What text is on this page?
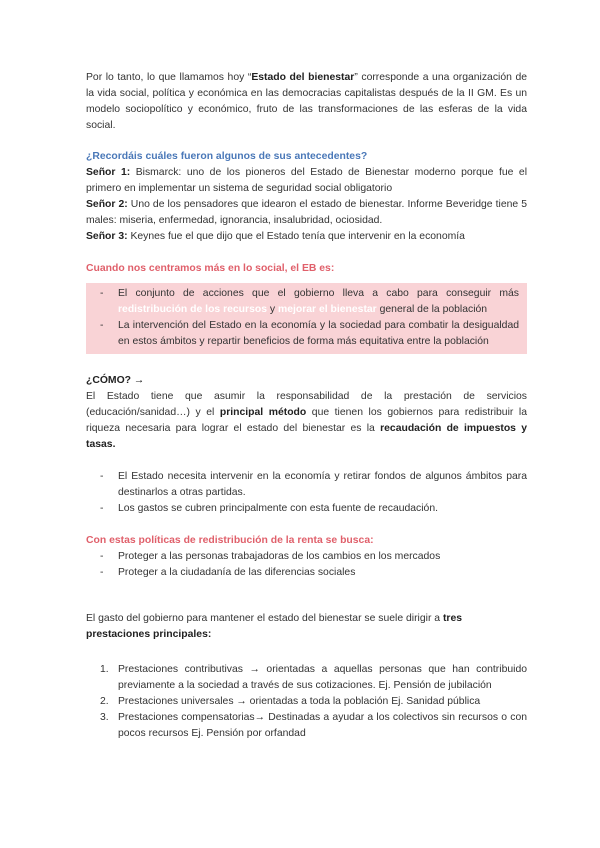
Por lo tanto, lo que llamamos hoy “Estado del bienestar” corresponde a una organización de la vida social, política y económica en las democracias capitalistas después de la II GM. Es un modelo sociopolítico y económico, fruto de las transformaciones de las esferas de la vida social.

¿Recordáis cuáles fueron algunos de sus antecedentes?

Señor 1: Bismarck: uno de los pioneros del Estado de Bienestar moderno porque fue el primero en implementar un sistema de seguridad social obligatorio

Señor 2: Uno de los pensadores que idearon el estado de bienestar. Informe Beveridge tiene 5 males: miseria, enfermedad, ignorancia, insalubridad, ociosidad.

Señor 3: Keynes fue el que dijo que el Estado tenía que intervenir en la economía

Cuando nos centramos más en lo social, el EB es:

- El conjunto de acciones que el gobierno lleva a cabo para conseguir más redistribución de los recursos y mejorar el bienestar general de la población
- La intervención del Estado en la economía y la sociedad para combatir la desigualdad en estos ámbitos y repartir beneficios de forma más equitativa entre la población

¿CÓMO? →

El Estado tiene que asumir la responsabilidad de la prestación de servicios (educación/sanidad…) y el principal método que tienen los gobiernos para redistribuir la riqueza necesaria para lograr el estado del bienestar es la recaudación de impuestos y tasas.

- El Estado necesita intervenir en la economía y retirar fondos de algunos ámbitos para destinarlos a otras partidas.
- Los gastos se cubren principalmente con esta fuente de recaudación.

Con estas políticas de redistribución de la renta se busca:

- Proteger a las personas trabajadoras de los cambios en los mercados
- Proteger a la ciudadanía de las diferencias sociales

El gasto del gobierno para mantener el estado del bienestar se suele dirigir a tres prestaciones principales:

1. Prestaciones contributivas → orientadas a aquellas personas que han contribuido previamente a la sociedad a través de sus cotizaciones. Ej. Pensión de jubilación
2. Prestaciones universales → orientadas a toda la población Ej. Sanidad pública
3. Prestaciones compensatorias→ Destinadas a ayudar a los colectivos sin recursos o con pocos recursos Ej. Pensión por orfandad
